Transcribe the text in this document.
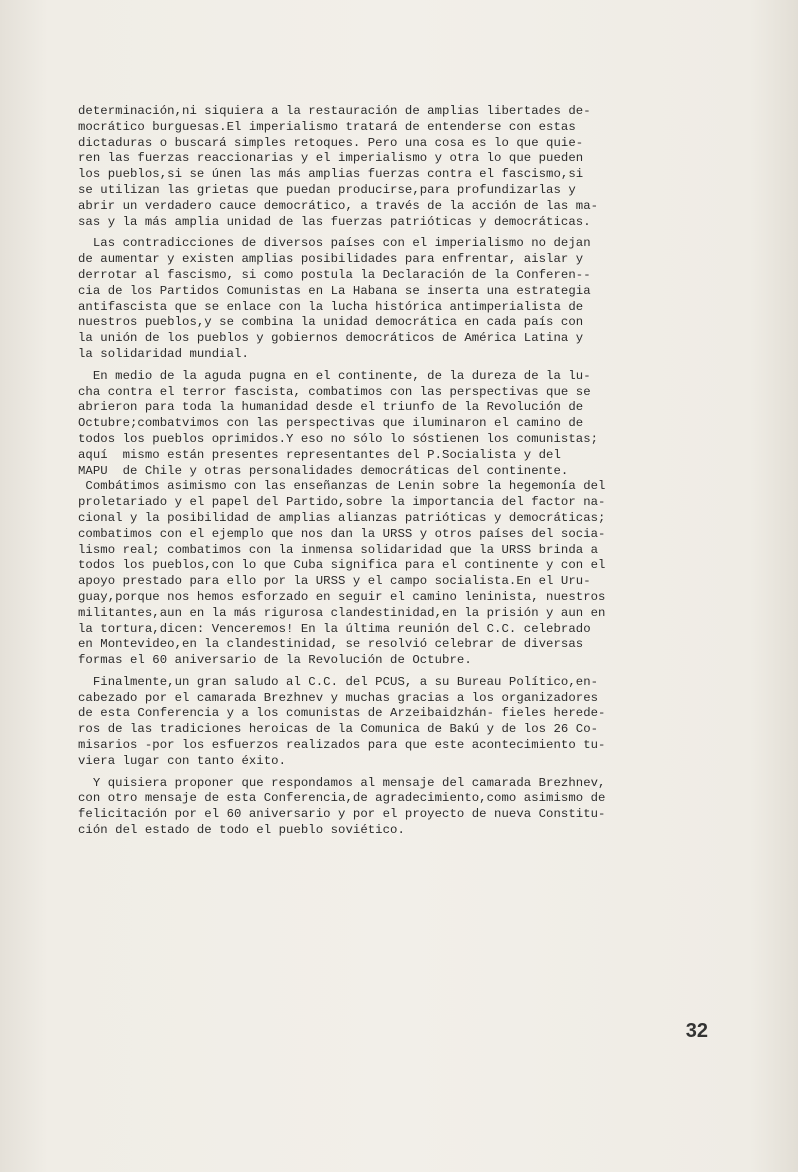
determinación,ni siquiera a la restauración de amplias libertades de-
mocrático burguesas.El imperialismo tratará de entenderse con estas
dictaduras o buscará simples retoques. Pero una cosa es lo que quie-
ren las fuerzas reaccionarias y el imperialismo y otra lo que pueden
los pueblos,si se únen las más amplias fuerzas contra el fascismo,si
se utilizan las grietas que puedan producirse,para profundizarlas y
abrir un verdadero cauce democrático, a través de la acción de las ma-
sas y la más amplia unidad de las fuerzas patrióticas y democráticas.

Las contradicciones de diversos países con el imperialismo no dejan
de aumentar y existen amplias posibilidades para enfrentar, aislar y
derrotar al fascismo, si como postula la Declaración de la Conferen--
cia de los Partidos Comunistas en La Habana se inserta una estrategia
antifascista que se enlace con la lucha histórica antimperialista de
nuestros pueblos,y se combina la unidad democrática en cada país con
la unión de los pueblos y gobiernos democráticos de América Latina y
la solidaridad mundial.

En medio de la aguda pugna en el continente, de la dureza de la lu-
cha contra el terror fascista, combatimos con las perspectivas que se
abrieron para toda la humanidad desde el triunfo de la Revolución de
Octubre;combatvimos con las perspectivas que iluminaron el camino de
todos los pueblos oprimidos.Y eso no sólo lo sóstienen los comunistas;
aquí  mismo están presentes representantes del P.Socialista y del
MAPU  de Chile y otras personalidades democráticas del continente.
Combátimos asimismo con las enseñanzas de Lenin sobre la hegemonía del
proletariado y el papel del Partido,sobre la importancia del factor na-
cional y la posibilidad de amplias alianzas patrióticas y democráticas;
combatimos con el ejemplo que nos dan la URSS y otros países del socia-
lismo real; combatimos con la inmensa solidaridad que la URSS brinda a
todos los pueblos,con lo que Cuba significa para el continente y con el
apoyo prestado para ello por la URSS y el campo socialista.En el Uru-
guay,porque nos hemos esforzado en seguir el camino leninista, nuestros
militantes,aun en la más rigurosa clandestinidad,en la prisión y aun en
la tortura,dicen: Venceremos! En la última reunión del C.C. celebrado
en Montevideo,en la clandestinidad, se resolvió celebrar de diversas
formas el 60 aniversario de la Revolución de Octubre.

Finalmente,un gran saludo al C.C. del PCUS, a su Bureau Político,en-
cabezado por el camarada Brezhnev y muchas gracias a los organizadores
de esta Conferencia y a los comunistas de Arzeibaidzhán- fieles herede-
ros de las tradiciones heroicas de la Comunica de Bakú y de los 26 Co-
misarios -por los esfuerzos realizados para que este acontecimiento tu-
viera lugar con tanto éxito.

Y quisiera proponer que respondamos al mensaje del camarada Brezhnev,
con otro mensaje de esta Conferencia,de agradecimiento,como asimismo de
felicitación por el 60 aniversario y por el proyecto de nueva Constitu-
ción del estado de todo el pueblo soviético.

32
